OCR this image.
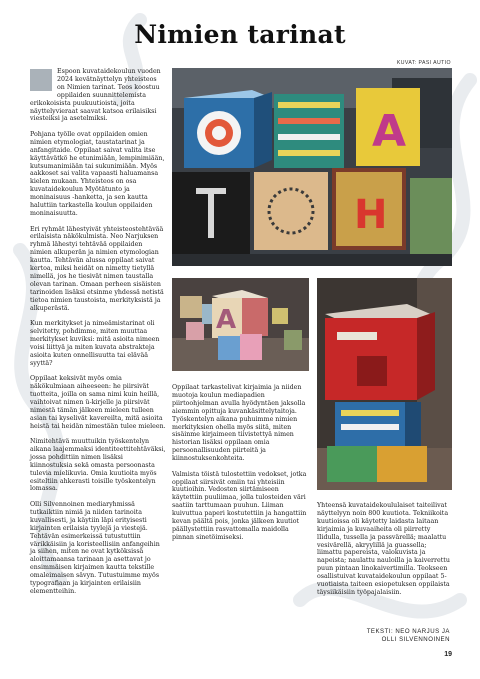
Nimien tarinat
KUVAT: PASI AUTIO

Espoon kuvataidekoulun vuoden 2024 kevätnäyttelyn yhteisteos on Nimien tarinat. Teos koostuu oppilaiden suunnittelemista erikokoisista puukuutioista, joita näyttelyvieraat saavat katsoa erilaisiksi viesteiksi ja asetelmiksi.

Pohjana työlle ovat oppilaiden omien nimien etymologiat, taustatarinat ja anfangitaide. Oppilaat saivat valita itse käyttävätkö he etunimiään, lempinimiään, kutsumanimiään tai sukunimiään. Myös aakkoset sai valita vapaasti haluamansa kielen mukaan. Yhteisteos on osa kuvataidekoulun Myötätunto ja moninaisuus -hanketta, ja sen kautta haluttiin tarkastella koulun oppilaiden moninaisuutta.

Eri ryhmät lähestyivät yhteisteostehtävää erilaisista näkökulmista. Neo Narjuksen ryhmä lähestyi tehtävää oppilaiden nimien alkuperän ja nimien etymologian kautta. Tehtävän alussa oppilaat saivat kertoa, miksi heidät on nimetty tietyllä nimellä, jos he tiesivät nimen taustalla olevan tarinan. Omaan perheen sisäisten tarinoiden lisäksi etsinme yhdessä netistä tietoa nimien taustoista, merkityksistä ja alkuperästä.

Kun merkitykset ja nimeämistarinat oli selvitetty, pohdimme, miten muuttaa merkitykset kuviksi: mitä asioita nimeen voisi liittyä ja miten kuvata abstrakteja asioita kuten onnellisuutta tai elävää syyttä?

Oppilaat keksivät myös omia näkökulmiaan aiheeseen: he piirsivät tuotteita, joilla on sama nimi kuin heillä, vaihtoivat nimen ü-kirjelle ja piirsivät nimestä tämän jälkeen mieleen tulleen asian tai kyselivät kavereilta, mitä asioita heistä tai heidän nimestään tulee mieleen.

Nimitehtävä muuttuikin työskentelyn aikana laajemmaksi identiteettitehtäväksi, jossa pohdittiin nimen lisäksi kiinnostuksia sekä omasta persoonasta tulevia mielikuvia. Omia kuutioita myös esiteltiin ahkerasti toisille työskentelyn lomassa.

Olli Silvennoinen mediaryhmissä tutkaiktiin nimiä ja niiden tarinoita kuvallisesti, ja käytiin läpi erityisesti kirjainten erilaisia tyylejä ja viestejä. Tehtävän esimerkeissä tutustuttiin värikkäisiin ja koristeellisiin anfangeihin ja siihen, miten ne ovat kytköksissä aloittamaansa tarinaan ja asettavat jo ensimmäisen kirjaimen kautta tekstille omaleimaisen sävyn. Tutustuimme myös typografiaan ja kirjainten erilaisiin elementteihin.

A
H
A

Oppilaat tarkastelivat kirjaimia ja niiden muotoja koulun mediapadien piirtoohjelman avulla hyödyntäen jaksolla aiemmin opittuja kuvankäsittelytaitoja. Työskentelyn aikana puhuimme nimien merkityksien ohella myös siitä, miten sisäinme kirjaimeen tiivistettyä nimen historian lisäksi oppilaan omia persoonallisuuden piirteitä ja kiinnostuksenkohteita.

Valmista töistä tulostettiin vedokset, jotka oppilaat siirsivät omiin tai yhteisiin kuutioihin. Vedosten siirtämiseen käytettiin puuliimaa, jolla tulosteiden väri saatiin tarttumaan puuhun. Liiman kuivuttua paperi kostutettiin ja hangattiin kevan päältä pois, jonka jälkeen kuutiot päällystettiin rasvattomalla maidolla pinnan sinetöimiseksi.

Yhteensä kuvataidekoululaiset taiteilivat näyttelyyn noin 800 kuutiota. Tekniikoita kuutioissa oli käytetty laidasta laitaan kirjaimia ja kuvaaiheita oli piirretty lIidulla, tussella ja passvärellä; maalattu vesivärellä, akryylillä ja guassella; liimattu papereista, valokuvista ja napeista; naulattu nauloilla ja kaiverrettu puun pintaan linokaivertimilla. Teokseen osallistuivat kuvataidekoulun oppilaat 5-vuotiaista taiteen esiopetuksen oppilaista täysiikäisiin työpajalaisiin.

TEKSTI: NEO NARJUS JA
OLLI SILVENNOINEN
19
